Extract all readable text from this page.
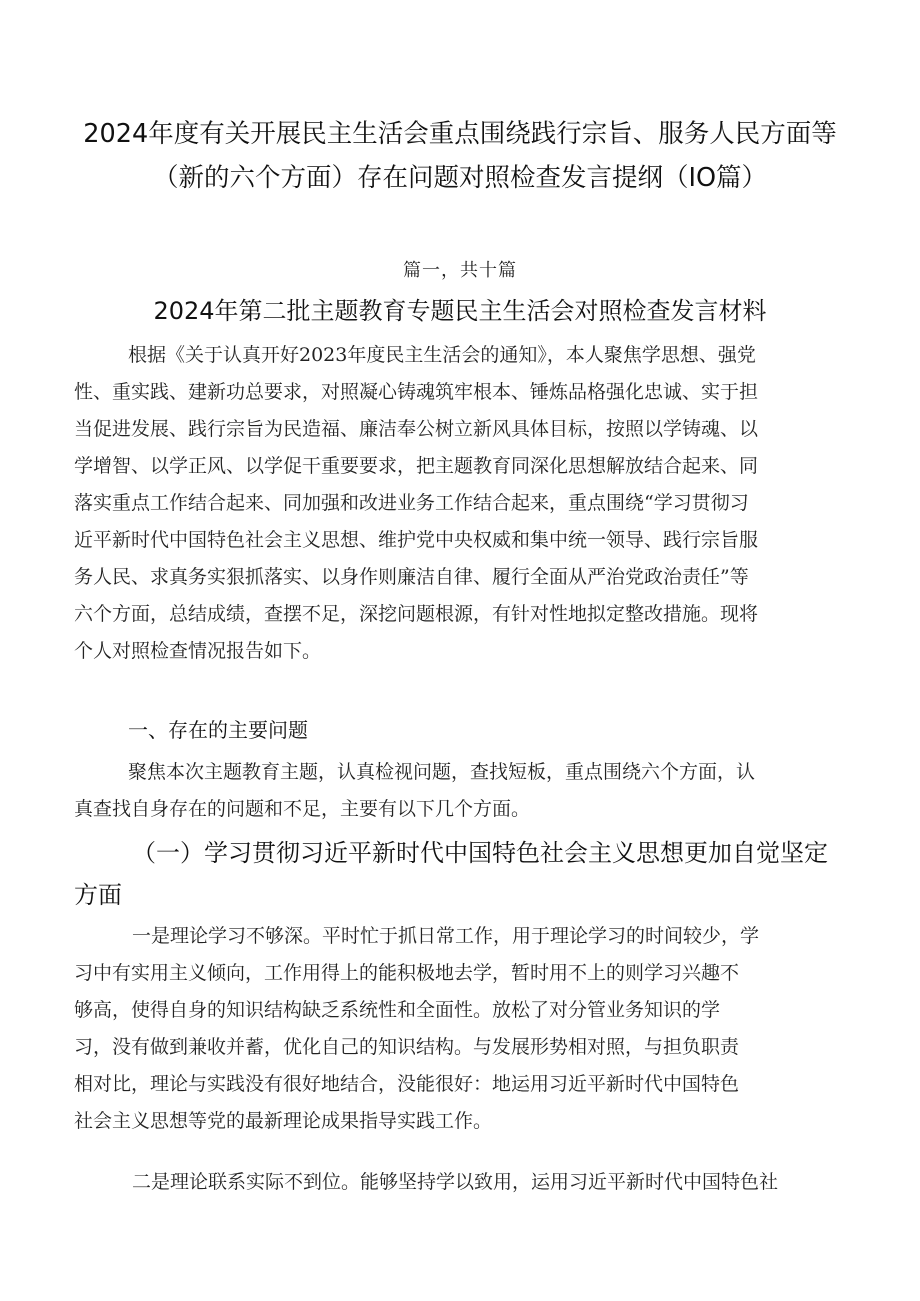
2024年度有关开展民主生活会重点围绕践行宗旨、服务人民方面等
（新的六个方面）存在问题对照检查发言提纲（IO篇）
篇一，共十篇
2024年第二批主题教育专题民主生活会对照检查发言材料
根据《关于认真开好2023年度民主生活会的通知》，本人聚焦学思想、强党
性、重实践、建新功总要求，对照凝心铸魂筑牢根本、锤炼品格强化忠诚、实于担
当促进发展、践行宗旨为民造福、廉洁奉公树立新风具体目标，按照以学铸魂、以
学增智、以学正风、以学促干重要要求，把主题教育同深化思想解放结合起来、同
落实重点工作结合起来、同加强和改进业务工作结合起来，重点围绕“学习贯彻习
近平新时代中国特色社会主义思想、维护党中央权威和集中统一领导、践行宗旨服
务人民、求真务实狠抓落实、以身作则廉洁自律、履行全面从严治党政治责任”等
六个方面，总结成绩，查摆不足，深挖问题根源，有针对性地拟定整改措施。现将
个人对照检查情况报告如下。
一、存在的主要问题
聚焦本次主题教育主题，认真检视问题，查找短板，重点围绕六个方面，认
真查找自身存在的问题和不足，主要有以下几个方面。
（一）学习贯彻习近平新时代中国特色社会主义思想更加自觉坚定
方面
一是理论学习不够深。平时忙于抓日常工作，用于理论学习的时间较少，学
习中有实用主义倾向，工作用得上的能积极地去学，暂时用不上的则学习兴趣不
够高，使得自身的知识结构缺乏系统性和全面性。放松了对分管业务知识的学
习，没有做到兼收并蓄，优化自己的知识结构。与发展形势相对照，与担负职责
相对比，理论与实践没有很好地结合，没能很好：地运用习近平新时代中国特色
社会主义思想等党的最新理论成果指导实践工作。
二是理论联系实际不到位。能够坚持学以致用，运用习近平新时代中国特色社
